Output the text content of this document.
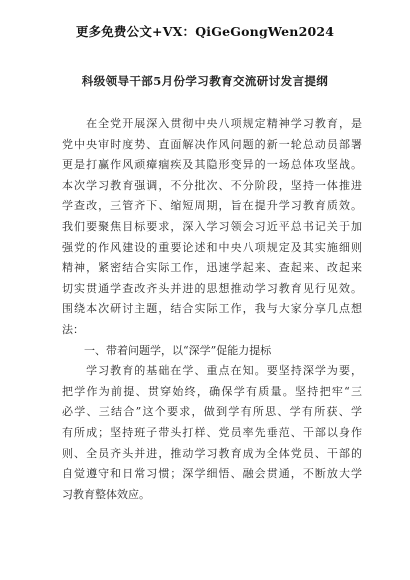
更多免费公文+VX：QiGeGongWen2024
科级领导干部5月份学习教育交流研讨发言提纲
　　在全党开展深入贯彻中央八项规定精神学习教育，是
党中央审时度势、直面解决作风问题的新一轮总动员部署
更是打赢作风顽瘴痼疾及其隐形变异的一场总体攻坚战。
本次学习教育强调，不分批次、不分阶段，坚持一体推进
学查改，三管齐下、缩短周期，旨在提升学习教育质效。
我们要聚焦目标要求，深入学习领会习近平总书记关于加
强党的作风建设的重要论述和中央八项规定及其实施细则
精神，紧密结合实际工作，迅速学起来、查起来、改起来
切实贯通学查改齐头并进的思想推动学习教育见行见效。
围绕本次研讨主题，结合实际工作，我与大家分享几点想
法：
　　一、带着问题学，以“深学”促能力提标
　　学习教育的基础在学、重点在知。要坚持深学为要，
把学作为前提、贯穿始终，确保学有质量。坚持把牢“三
必学、三结合”这个要求，做到学有所思、学有所获、学
有所成；坚持班子带头打样、党员率先垂范、干部以身作
则、全员齐头并进，推动学习教育成为全体党员、干部的
自觉遵守和日常习惯；深学细悟、融会贯通，不断放大学
习教育整体效应。
